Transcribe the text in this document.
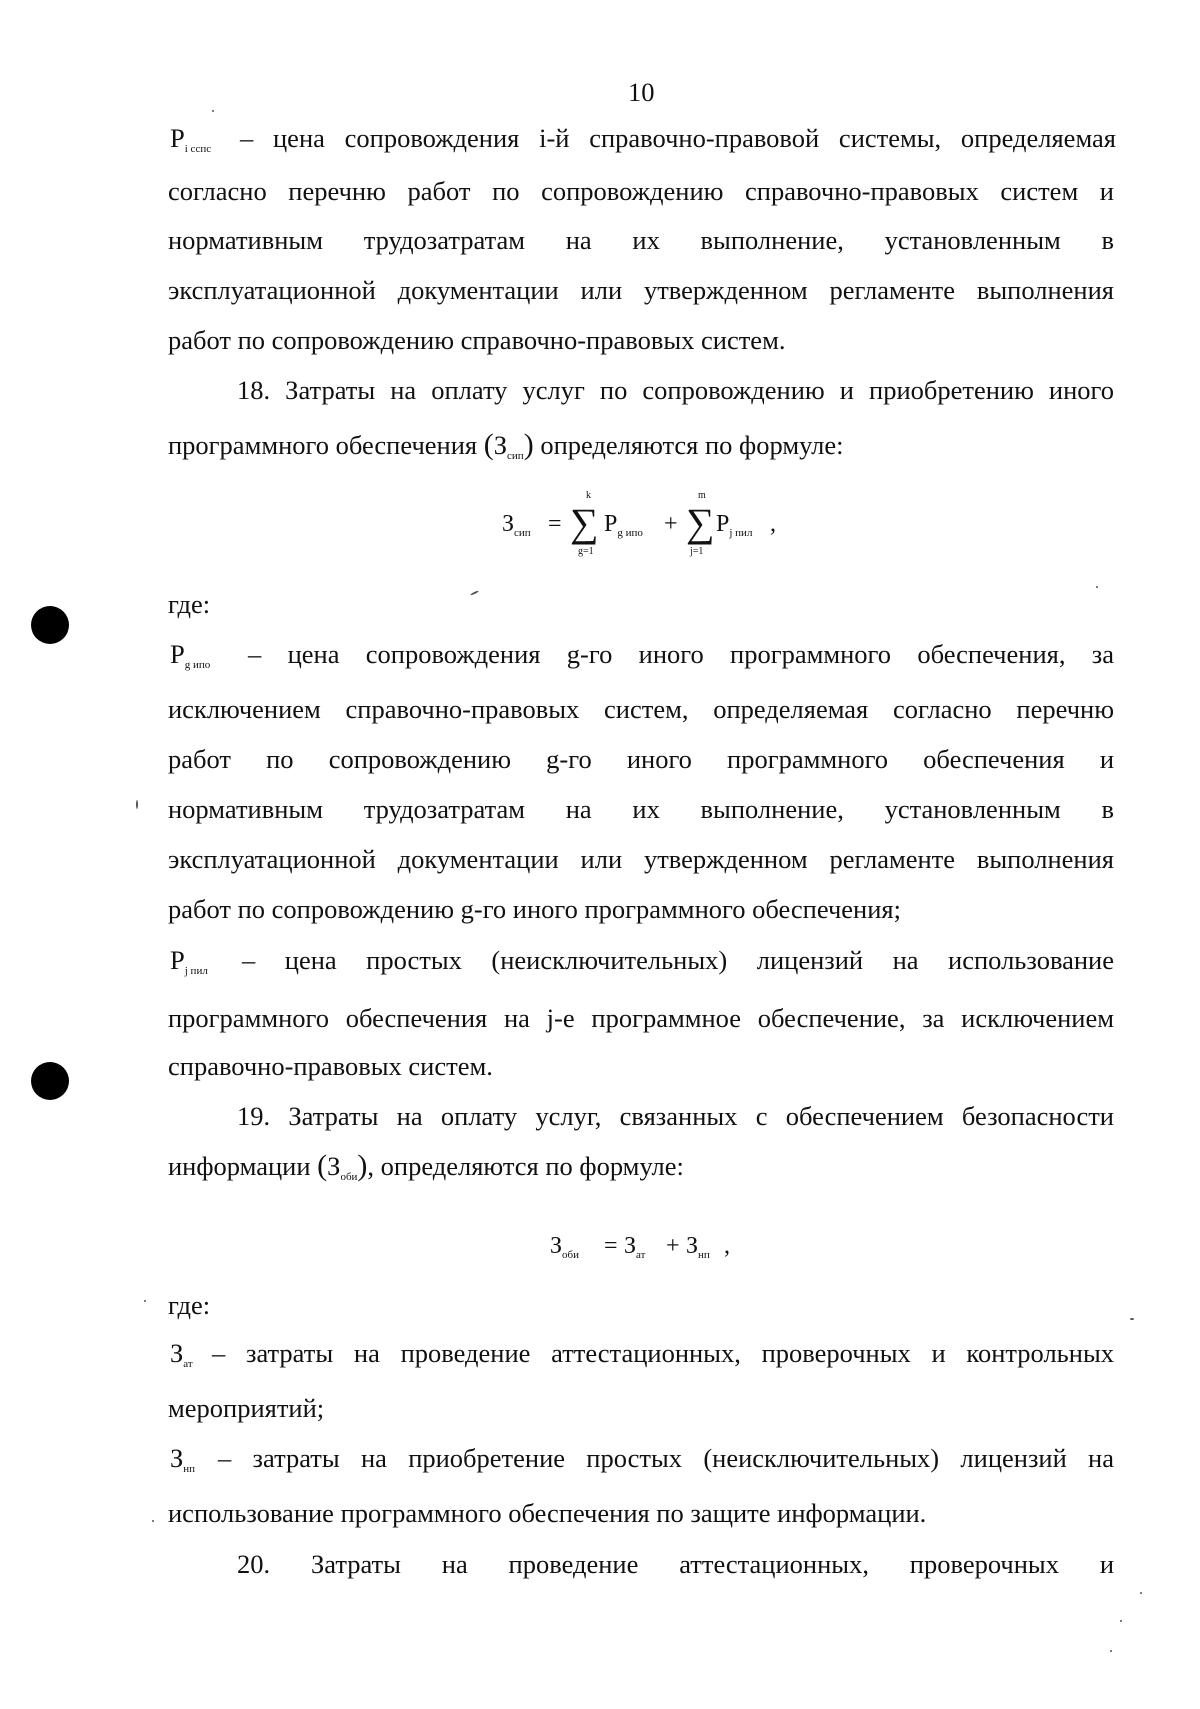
10
$P_{i ccпc}$ – цена сопровождения i-й справочно-правовой системы, определяемая
согласно перечню работ по сопровождению справочно-правовых систем и
нормативным трудозатратам на их выполнение, установленным в
эксплуатационной документации или утвержденном регламенте выполнения
работ по сопровождению справочно-правовых систем.
18. Затраты на оплату услуг по сопровождению и приобретению иного
программного обеспечения $(З_{сип})$ определяются по формуле:
$З_{сип}$ =
k
∑
g=1
$P_{g ипо}$ +
m
∑
j=1
$P_{j пил}$ ,
где:
$P_{g ипо}$ – цена сопровождения g-го иного программного обеспечения, за
исключением справочно-правовых систем, определяемая согласно перечню
работ по сопровождению g-го иного программного обеспечения и
нормативным трудозатратам на их выполнение, установленным в
эксплуатационной документации или утвержденном регламенте выполнения
работ по сопровождению g-го иного программного обеспечения;
$P_{j пил}$ – цена простых (неисключительных) лицензий на использование
программного обеспечения на j-е программное обеспечение, за исключением
справочно-правовых систем.
19. Затраты на оплату услуг, связанных с обеспечением безопасности
информации $(З_{оби})$, определяются по формуле:
$З_{оби} = З_{ат} + З_{нп}$ ,
где:
$З_{ат}$ – затраты на проведение аттестационных, проверочных и контрольных
мероприятий;
$З_{нп}$ – затраты на приобретение простых (неисключительных) лицензий на
использование программного обеспечения по защите информации.
20. Затраты на проведение аттестационных, проверочных и
